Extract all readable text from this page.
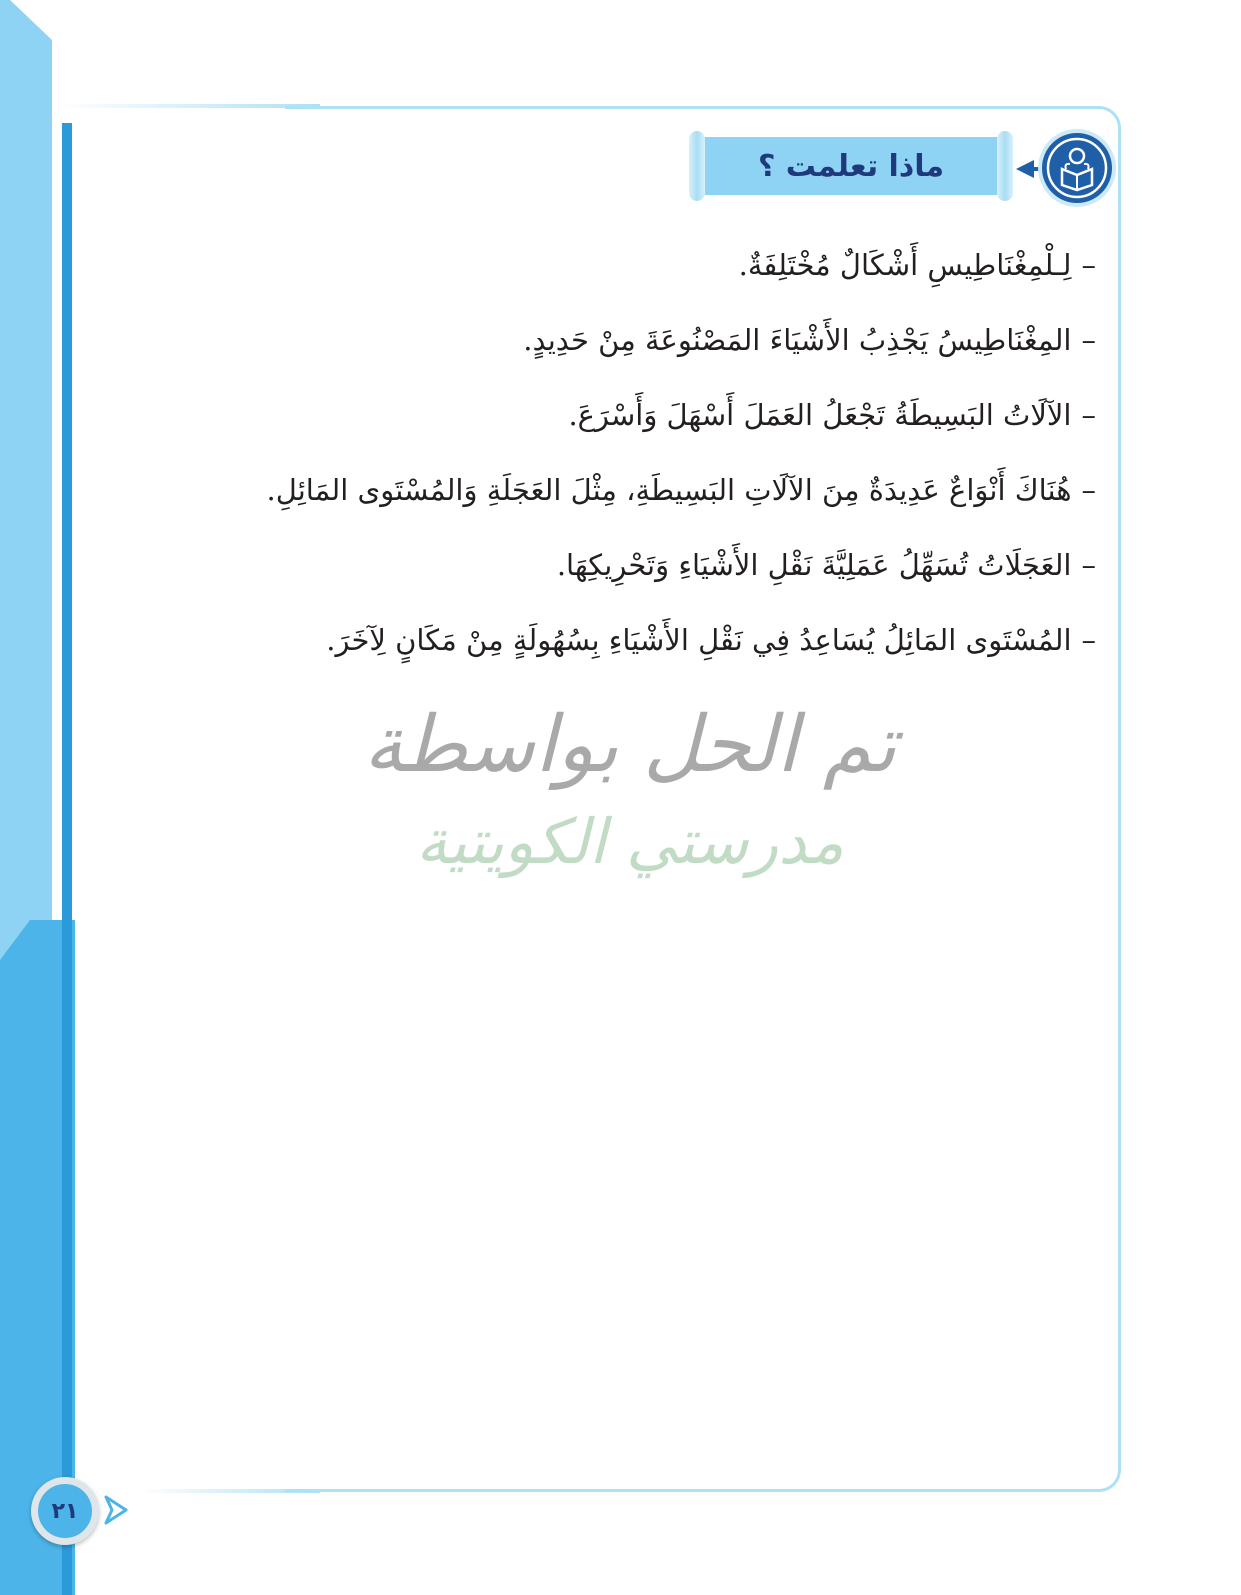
ماذا تعلمت ؟
–لِـلْمِغْنَاطِيسِ أَشْكَالٌ مُخْتَلِفَةٌ.
–المِغْنَاطِيسُ يَجْذِبُ الأَشْيَاءَ المَصْنُوعَةَ مِنْ حَدِيدٍ.
–الآلَاتُ البَسِيطَةُ تَجْعَلُ العَمَلَ أَسْهَلَ وَأَسْرَعَ.
–هُنَاكَ أَنْوَاعٌ عَدِيدَةٌ مِنَ الآلَاتِ البَسِيطَةِ، مِثْلَ العَجَلَةِ وَالمُسْتَوى المَائِلِ.
–العَجَلَاتُ تُسَهِّلُ عَمَلِيَّةَ نَقْلِ الأَشْيَاءِ وَتَحْرِيكِهَا.
–المُسْتَوى المَائِلُ يُسَاعِدُ فِي نَقْلِ الأَشْيَاءِ بِسُهُولَةٍ مِنْ مَكَانٍ لِآخَرَ.
تم الحل بواسطة
مدرستي الكويتية
٢١
